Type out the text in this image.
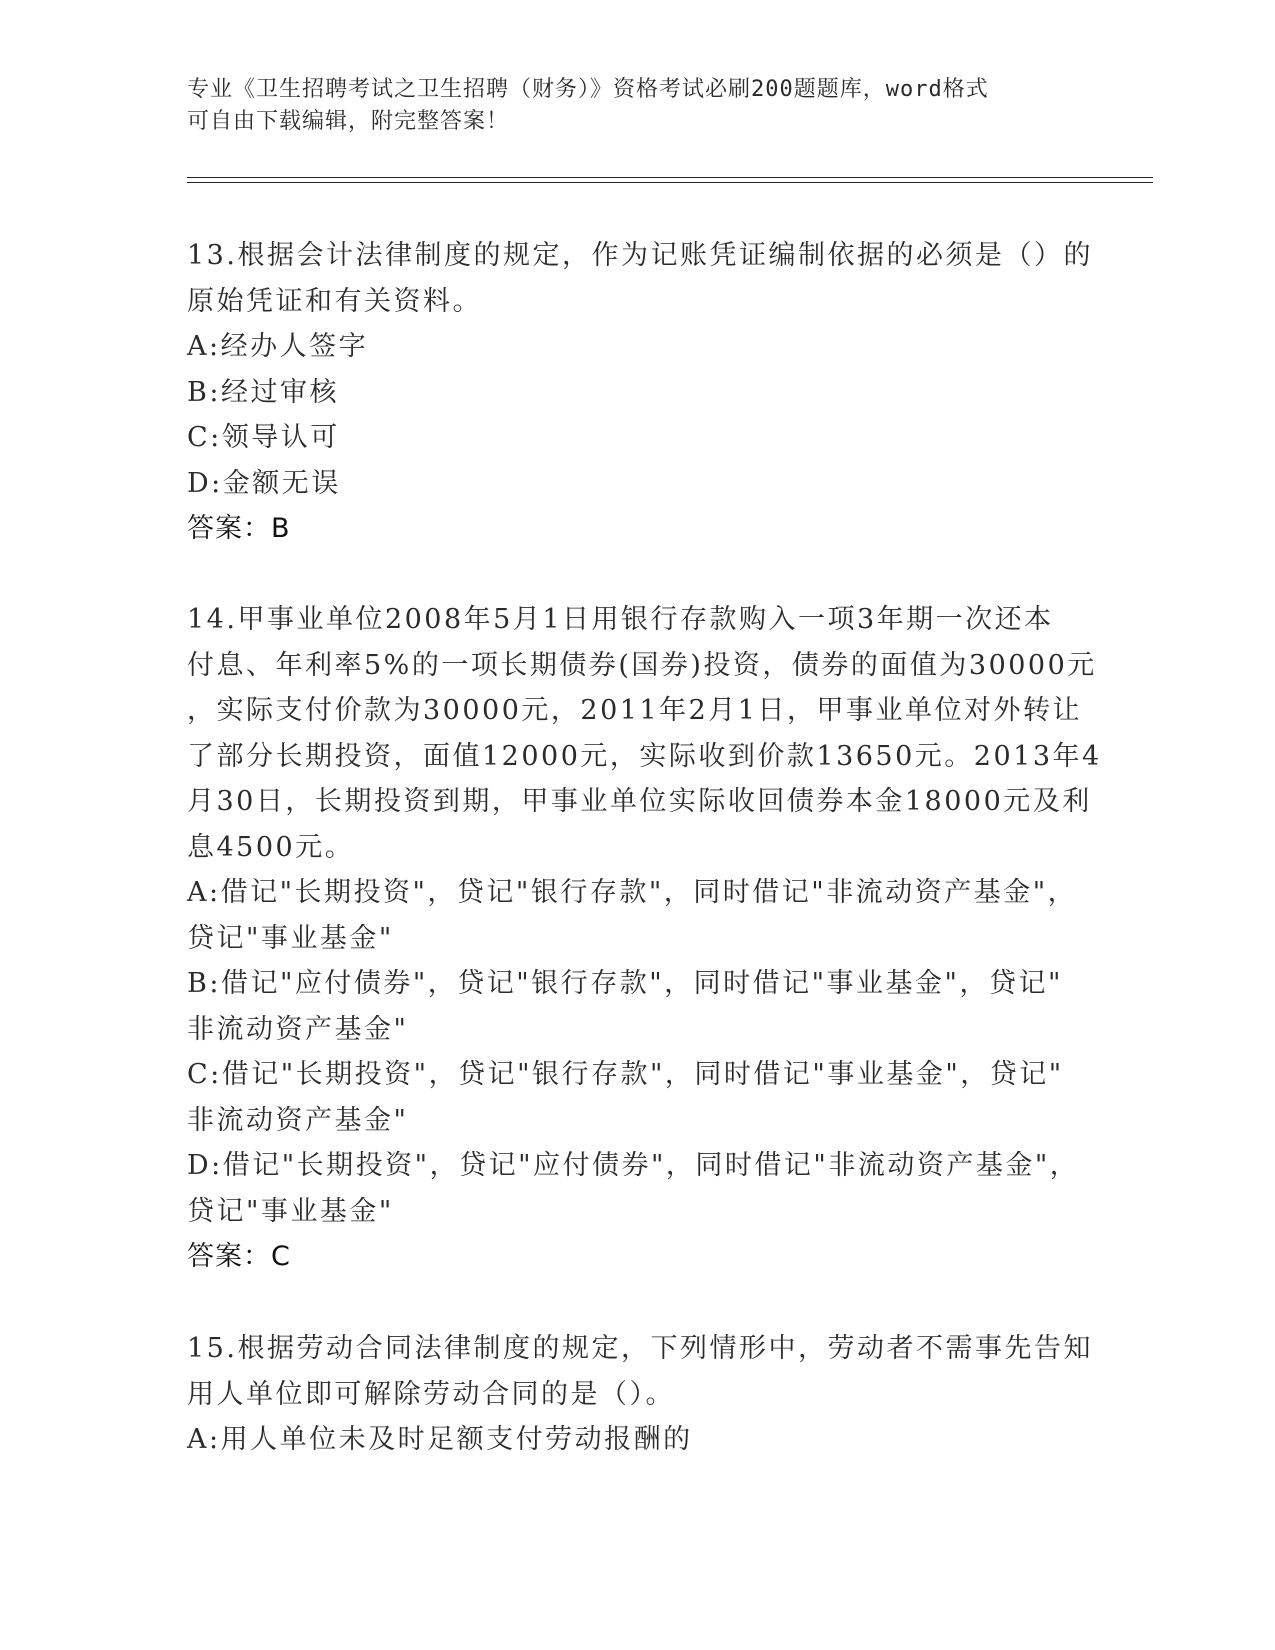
专业《卫生招聘考试之卫生招聘（财务）》资格考试必刷200题题库，word格式
可自由下载编辑，附完整答案！
13.根据会计法律制度的规定，作为记账凭证编制依据的必须是（）的
原始凭证和有关资料。
A:经办人签字
B:经过审核
C:领导认可
D:金额无误
答案：B
14.甲事业单位2008年5月1日用银行存款购入一项3年期一次还本
付息、年利率5%的一项长期债券(国券)投资，债券的面值为30000元
，实际支付价款为30000元，2011年2月1日，甲事业单位对外转让
了部分长期投资，面值12000元，实际收到价款13650元。2013年4
月30日，长期投资到期，甲事业单位实际收回债券本金18000元及利
息4500元。
A:借记"长期投资"，贷记"银行存款"，同时借记"非流动资产基金"，
贷记"事业基金"
B:借记"应付债券"，贷记"银行存款"，同时借记"事业基金"，贷记"
非流动资产基金"
C:借记"长期投资"，贷记"银行存款"，同时借记"事业基金"，贷记"
非流动资产基金"
D:借记"长期投资"，贷记"应付债券"，同时借记"非流动资产基金"，
贷记"事业基金"
答案：C
15.根据劳动合同法律制度的规定，下列情形中，劳动者不需事先告知
用人单位即可解除劳动合同的是（）。
A:用人单位未及时足额支付劳动报酬的
